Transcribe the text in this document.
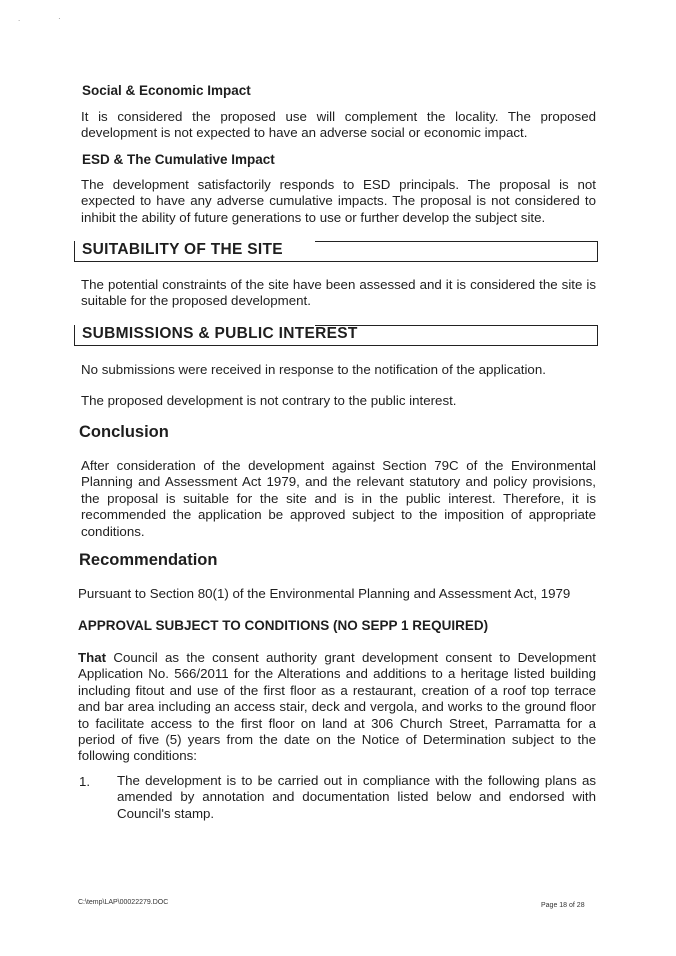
.	·
Social & Economic Impact

It is considered the proposed use will complement the locality. The proposed development is not expected to have an adverse social or economic impact.

ESD & The Cumulative Impact

The development satisfactorily responds to ESD principals. The proposal is not expected to have any adverse cumulative impacts. The proposal is not considered to inhibit the ability of future generations to use or further develop the subject site.

SUITABILITY OF THE SITE

The potential constraints of the site have been assessed and it is considered the site is suitable for the proposed development.

SUBMISSIONS & PUBLIC INTEREST

No submissions were received in response to the notification of the application.

The proposed development is not contrary to the public interest.

Conclusion

After consideration of the development against Section 79C of the Environmental Planning and Assessment Act 1979, and the relevant statutory and policy provisions, the proposal is suitable for the site and is in the public interest. Therefore, it is recommended the application be approved subject to the imposition of appropriate conditions.

Recommendation

Pursuant to Section 80(1) of the Environmental Planning and Assessment Act, 1979

APPROVAL SUBJECT TO CONDITIONS (NO SEPP 1 REQUIRED)

That Council as the consent authority grant development consent to Development Application No. 566/2011 for the Alterations and additions to a heritage listed building including fitout and use of the first floor as a restaurant, creation of a roof top terrace and bar area including an access stair, deck and vergola, and works to the ground floor to facilitate access to the first floor on land at 306 Church Street, Parramatta for a period of five (5) years from the date on the Notice of Determination subject to the following conditions:

1. The development is to be carried out in compliance with the following plans as amended by annotation and documentation listed below and endorsed with Council's stamp.

C:\temp\LAP\00022279.DOC	Page 18 of 28
